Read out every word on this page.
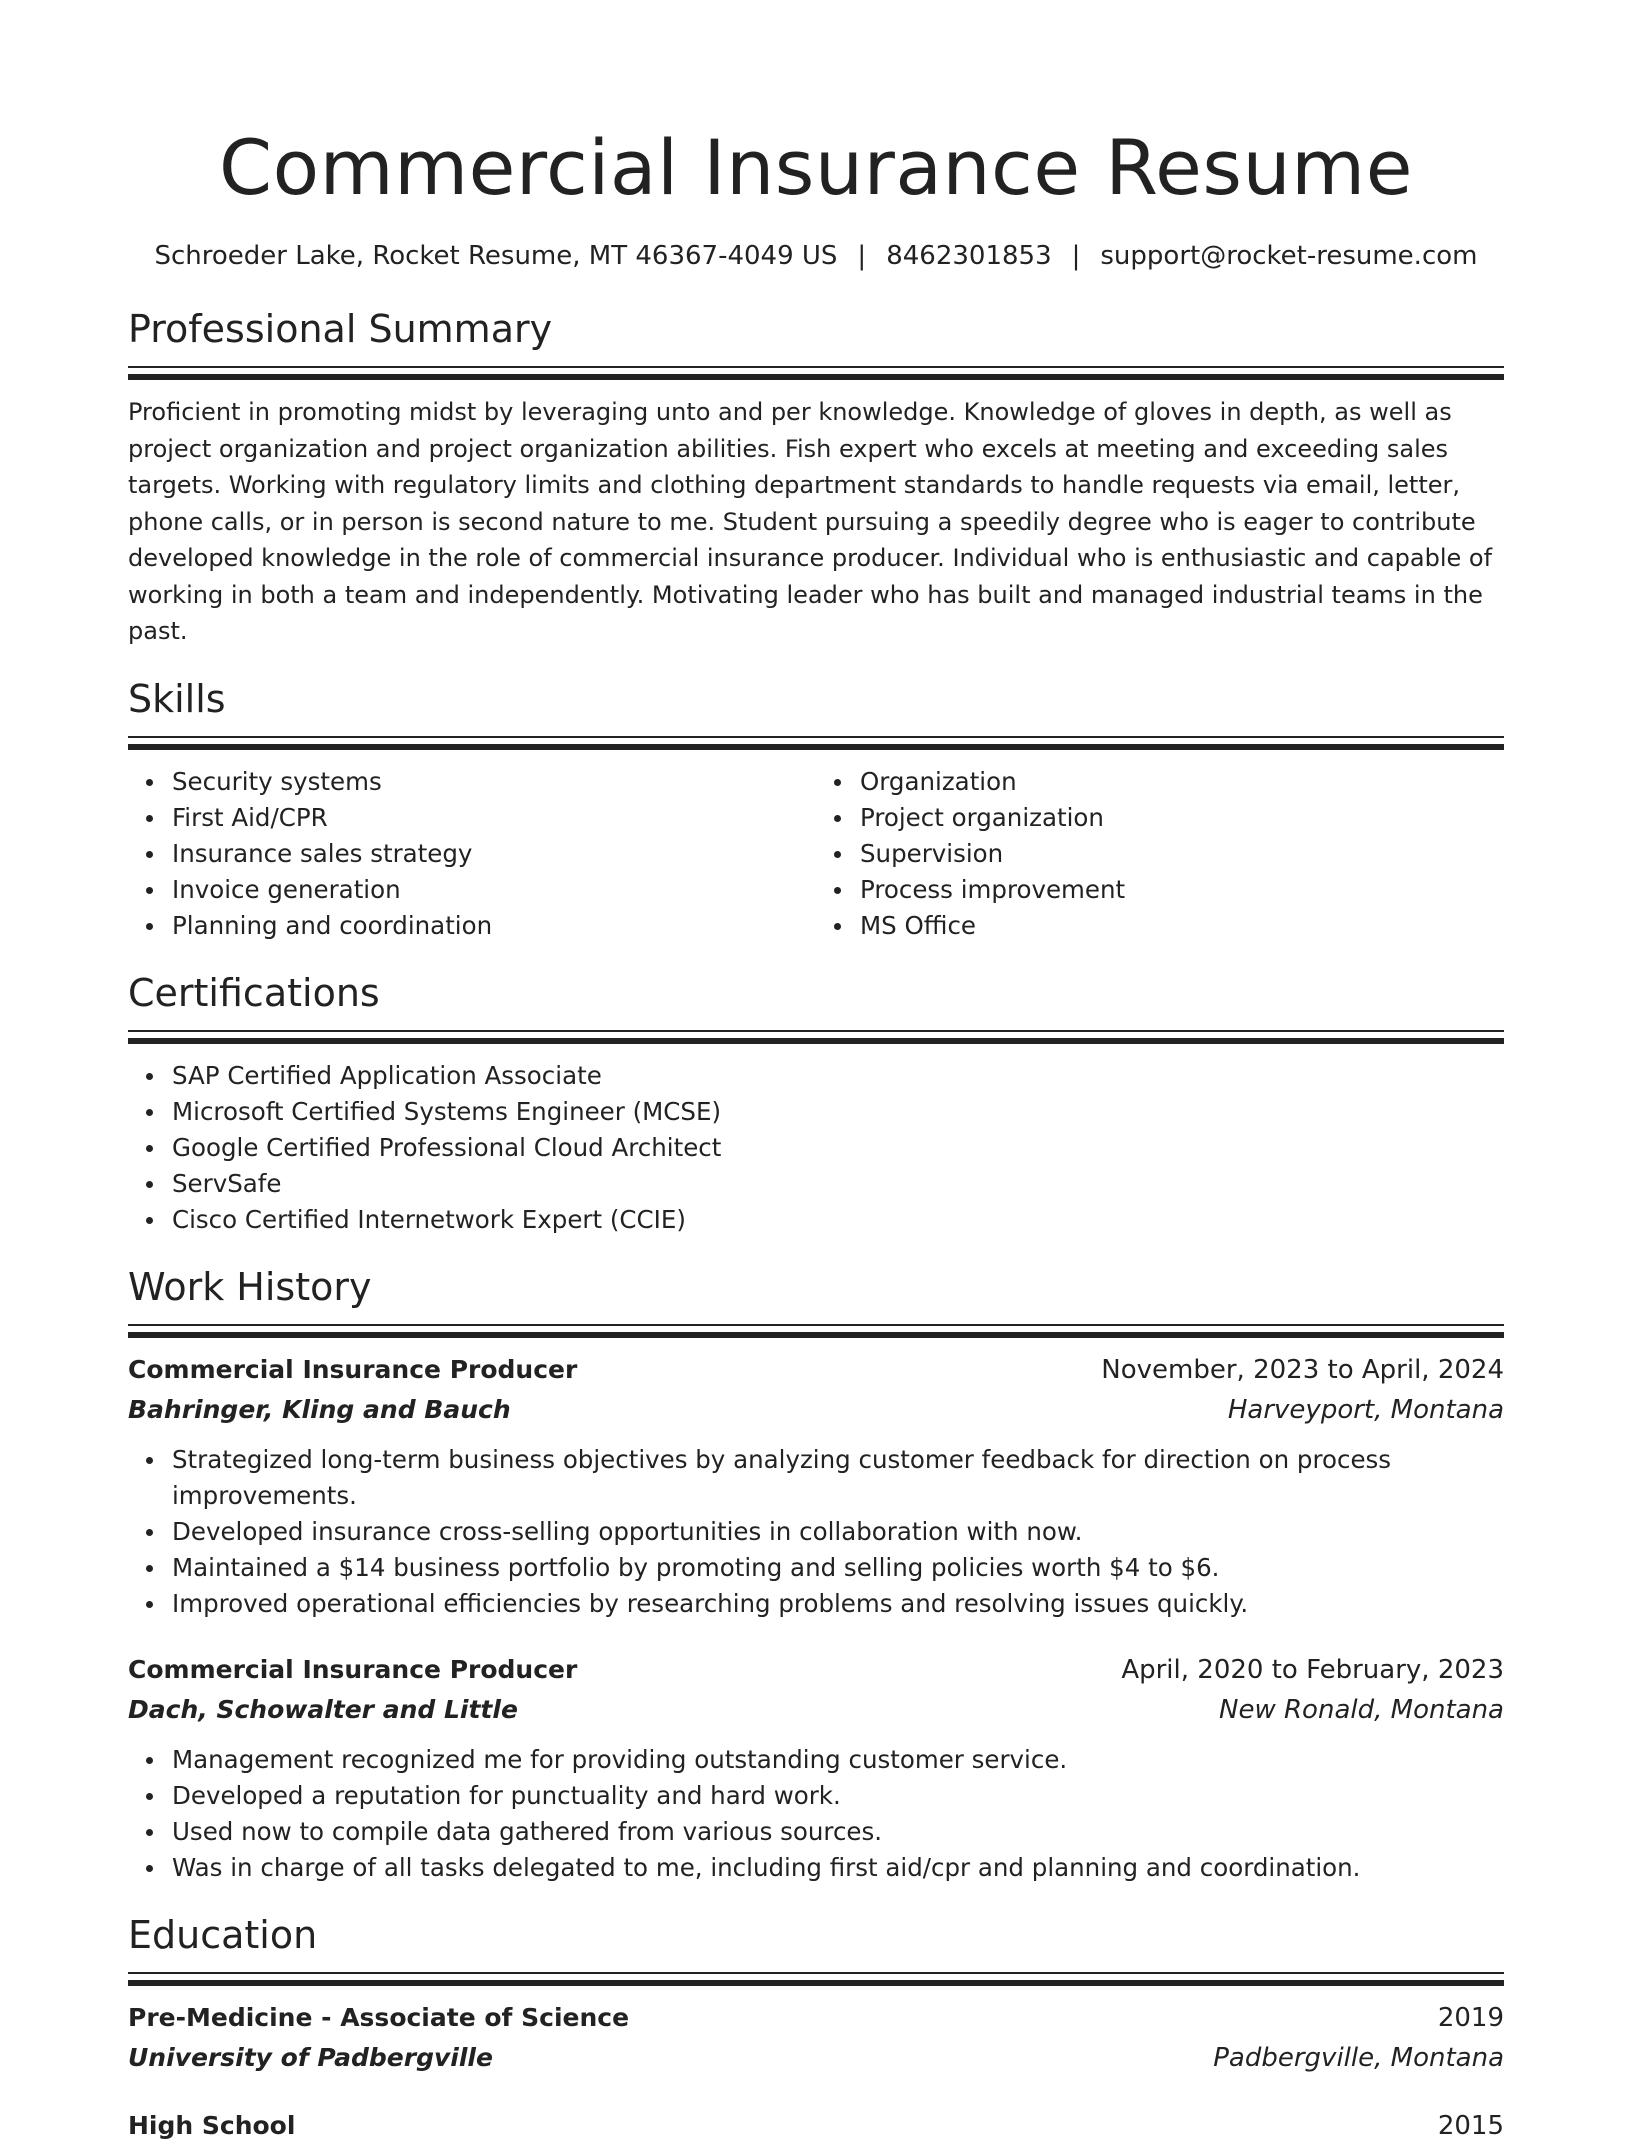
Commercial Insurance Resume
Schroeder Lake, Rocket Resume, MT 46367-4049 US | 8462301853 | support@rocket-resume.com
Professional Summary

Proficient in promoting midst by leveraging unto and per knowledge. Knowledge of gloves in depth, as well as project organization and project organization abilities. Fish expert who excels at meeting and exceeding sales targets. Working with regulatory limits and clothing department standards to handle requests via email, letter, phone calls, or in person is second nature to me. Student pursuing a speedily degree who is eager to contribute developed knowledge in the role of commercial insurance producer. Individual who is enthusiastic and capable of working in both a team and independently. Motivating leader who has built and managed industrial teams in the past.

Skills
Security systems
First Aid/CPR
Insurance sales strategy
Invoice generation
Planning and coordination
Organization
Project organization
Supervision
Process improvement
MS Office
Certifications
SAP Certified Application Associate
Microsoft Certified Systems Engineer (MCSE)
Google Certified Professional Cloud Architect
ServSafe
Cisco Certified Internetwork Expert (CCIE)
Work History
Commercial Insurance Producer	November, 2023 to April, 2024
Bahringer, Kling and Bauch	Harveyport, Montana
Strategized long-term business objectives by analyzing customer feedback for direction on process improvements.
Developed insurance cross-selling opportunities in collaboration with now.
Maintained a $14 business portfolio by promoting and selling policies worth $4 to $6.
Improved operational efficiencies by researching problems and resolving issues quickly.
Commercial Insurance Producer	April, 2020 to February, 2023
Dach, Schowalter and Little	New Ronald, Montana
Management recognized me for providing outstanding customer service.
Developed a reputation for punctuality and hard work.
Used now to compile data gathered from various sources.
Was in charge of all tasks delegated to me, including first aid/cpr and planning and coordination.
Education
Pre-Medicine - Associate of Science	2019
University of Padbergville	Padbergville, Montana
High School	2015
